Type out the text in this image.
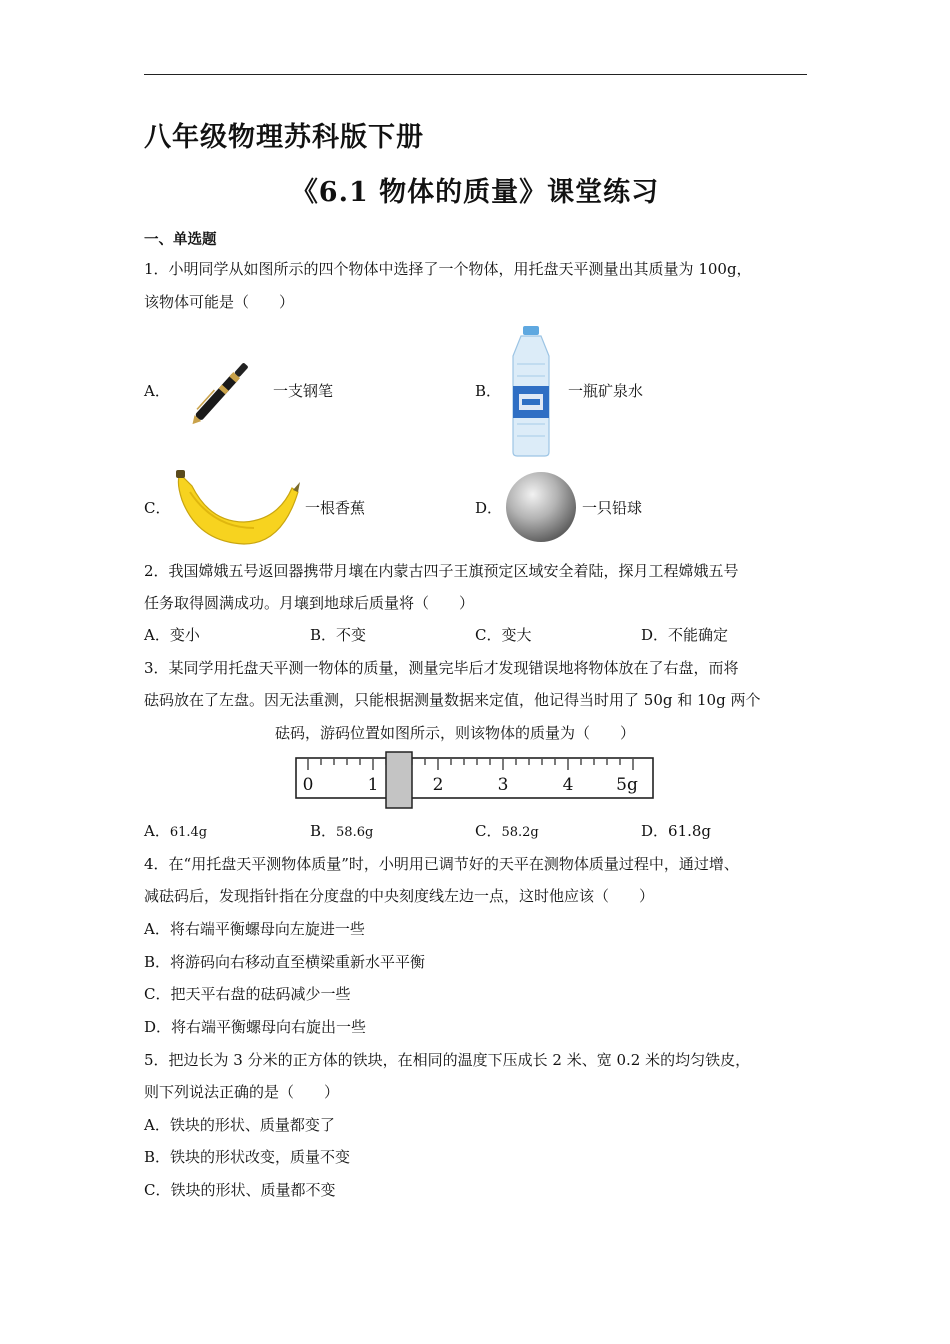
八年级物理苏科版下册
《6.1 物体的质量》课堂练习
一、单选题
1．小明同学从如图所示的四个物体中选择了一个物体，用托盘天平测量出其质量为 100g，
该物体可能是（　　）
A．	一支钢笔	B．	一瓶矿泉水
C．	一根香蕉	D．	一只铅球
2．我国嫦娥五号返回器携带月壤在内蒙古四子王旗预定区域安全着陆，探月工程嫦娥五号
任务取得圆满成功。月壤到地球后质量将（　　）
A．变小	B．不变	C．变大	D．不能确定
3．某同学用托盘天平测一物体的质量，测量完毕后才发现错误地将物体放在了右盘，而将
砝码放在了左盘。因无法重测，只能根据测量数据来定值，他记得当时用了 50g 和 10g 两个
砝码，游码位置如图所示，则该物体的质量为（　　）
0	1	2	3	4	5g
A．61.4g	B．58.6g	C．58.2g	D．61.8g
4．在“用托盘天平测物体质量”时，小明用已调节好的天平在测物体质量过程中，通过增、
减砝码后，发现指针指在分度盘的中央刻度线左边一点，这时他应该（　　）
A．将右端平衡螺母向左旋进一些
B．将游码向右移动直至横梁重新水平平衡
C．把天平右盘的砝码减少一些
D．将右端平衡螺母向右旋出一些
5．把边长为 3 分米的正方体的铁块，在相同的温度下压成长 2 米、宽 0.2 米的均匀铁皮，
则下列说法正确的是（　　）
A．铁块的形状、质量都变了
B．铁块的形状改变，质量不变
C．铁块的形状、质量都不变
